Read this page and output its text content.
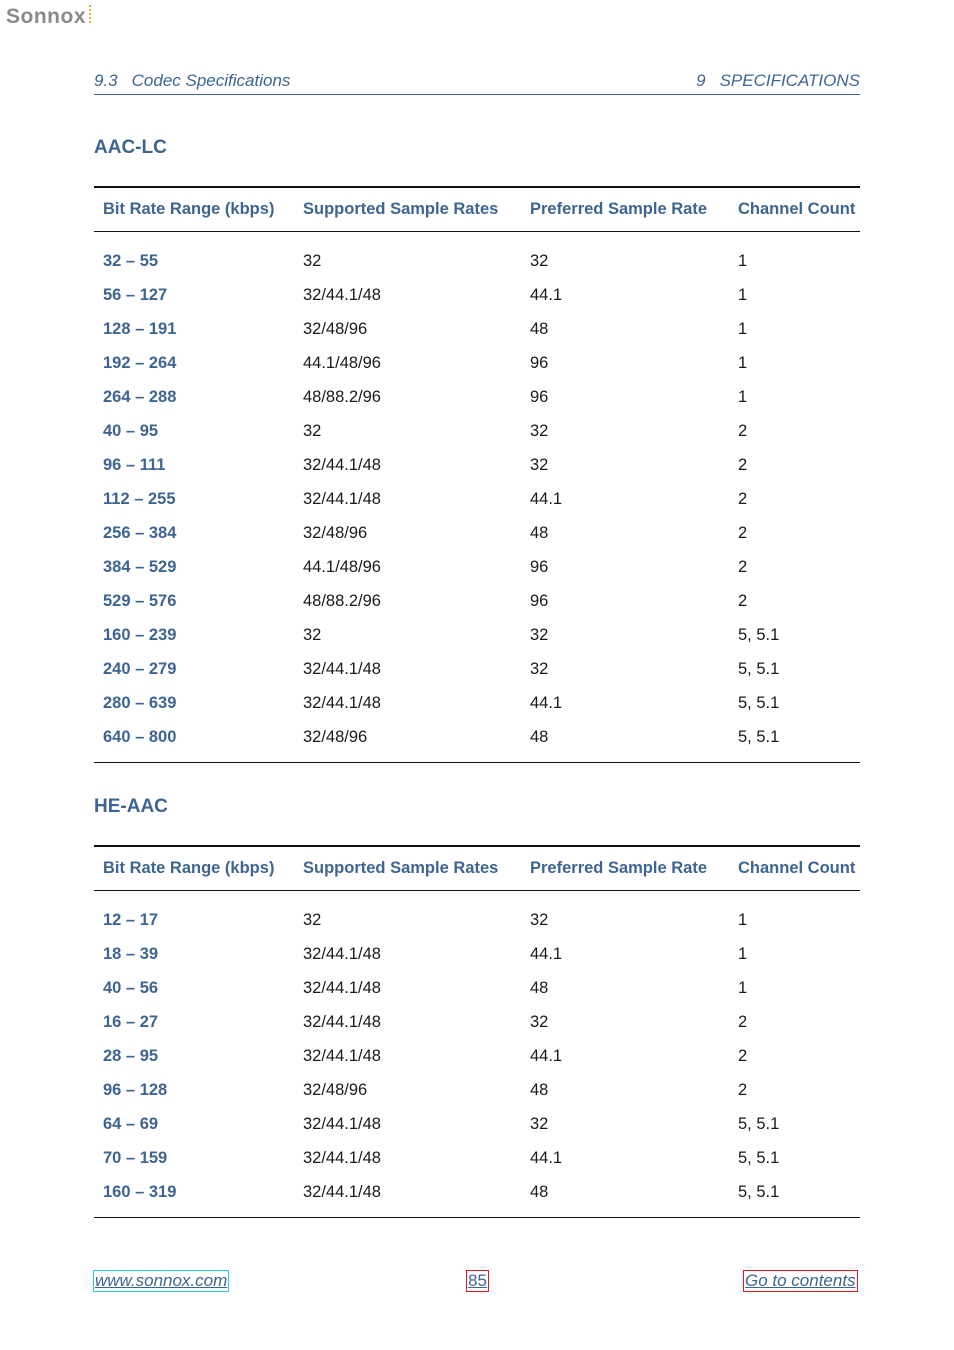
Sonnox
9.3 Codec Specifications	9 SPECIFICATIONS
AAC-LC
Bit Rate Range (kbps)	Supported Sample Rates	Preferred Sample Rate	Channel Count
32 – 55	32	32	1
56 – 127	32/44.1/48	44.1	1
128 – 191	32/48/96	48	1
192 – 264	44.1/48/96	96	1
264 – 288	48/88.2/96	96	1
40 – 95	32	32	2
96 – 111	32/44.1/48	32	2
112 – 255	32/44.1/48	44.1	2
256 – 384	32/48/96	48	2
384 – 529	44.1/48/96	96	2
529 – 576	48/88.2/96	96	2
160 – 239	32	32	5, 5.1
240 – 279	32/44.1/48	32	5, 5.1
280 – 639	32/44.1/48	44.1	5, 5.1
640 – 800	32/48/96	48	5, 5.1
HE-AAC
Bit Rate Range (kbps)	Supported Sample Rates	Preferred Sample Rate	Channel Count
12 – 17	32	32	1
18 – 39	32/44.1/48	44.1	1
40 – 56	32/44.1/48	48	1
16 – 27	32/44.1/48	32	2
28 – 95	32/44.1/48	44.1	2
96 – 128	32/48/96	48	2
64 – 69	32/44.1/48	32	5, 5.1
70 – 159	32/44.1/48	44.1	5, 5.1
160 – 319	32/44.1/48	48	5, 5.1
www.sonnox.com	85	Go to contents
